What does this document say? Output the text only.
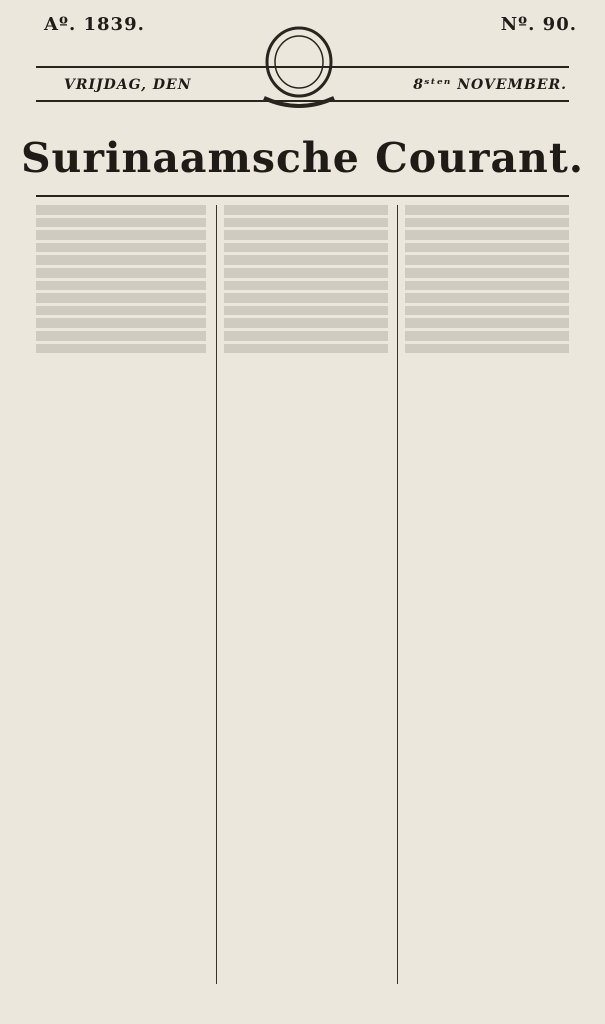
Aº. 1839.	Nº. 90.
VRIJDAG, DEN	8ˢᵗᵉⁿ NOVEMBER.
Surinaamsche Courant.
